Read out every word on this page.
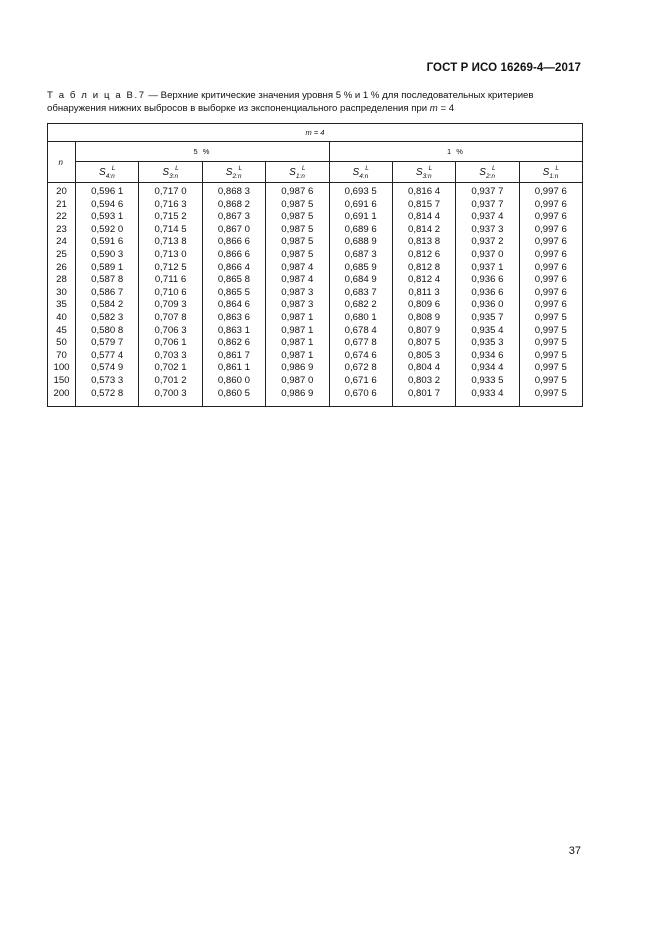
ГОСТ Р ИСО 16269-4—2017
Т а б л и ц а В.7 — Верхние критические значения уровня 5 % и 1 % для последовательных критериев обнаружения нижних выбросов в выборке из экспоненциального распределения при m = 4
m = 4								
n	5 %				1 %			
	$S_{4:n}^L$	$S_{3:n}^L$	$S_{2:n}^L$	$S_{1:n}^L$	$S_{4:n}^L$	$S_{3:n}^L$	$S_{2:n}^L$	$S_{1:n}^L$
20	0,596 1	0,717 0	0,868 3	0,987 6	0,693 5	0,816 4	0,937 7	0,997 6
21	0,594 6	0,716 3	0,868 2	0,987 5	0,691 6	0,815 7	0,937 7	0,997 6
22	0,593 1	0,715 2	0,867 3	0,987 5	0,691 1	0,814 4	0,937 4	0,997 6
23	0,592 0	0,714 5	0,867 0	0,987 5	0,689 6	0,814 2	0,937 3	0,997 6
24	0,591 6	0,713 8	0,866 6	0,987 5	0,688 9	0,813 8	0,937 2	0,997 6
25	0,590 3	0,713 0	0,866 6	0,987 5	0,687 3	0,812 6	0,937 0	0,997 6
26	0,589 1	0,712 5	0,866 4	0,987 4	0,685 9	0,812 8	0,937 1	0,997 6
28	0,587 8	0,711 6	0,865 8	0,987 4	0,684 9	0,812 4	0,936 6	0,997 6
30	0,586 7	0,710 6	0,865 5	0,987 3	0,683 7	0,811 3	0,936 6	0,997 6
35	0,584 2	0,709 3	0,864 6	0,987 3	0,682 2	0,809 6	0,936 0	0,997 6
40	0,582 3	0,707 8	0,863 6	0,987 1	0,680 1	0,808 9	0,935 7	0,997 5
45	0,580 8	0,706 3	0,863 1	0,987 1	0,678 4	0,807 9	0,935 4	0,997 5
50	0,579 7	0,706 1	0,862 6	0,987 1	0,677 8	0,807 5	0,935 3	0,997 5
70	0,577 4	0,703 3	0,861 7	0,987 1	0,674 6	0,805 3	0,934 6	0,997 5
100	0,574 9	0,702 1	0,861 1	0,986 9	0,672 8	0,804 4	0,934 4	0,997 5
150	0,573 3	0,701 2	0,860 0	0,987 0	0,671 6	0,803 2	0,933 5	0,997 5
200	0,572 8	0,700 3	0,860 5	0,986 9	0,670 6	0,801 7	0,933 4	0,997 5
37
